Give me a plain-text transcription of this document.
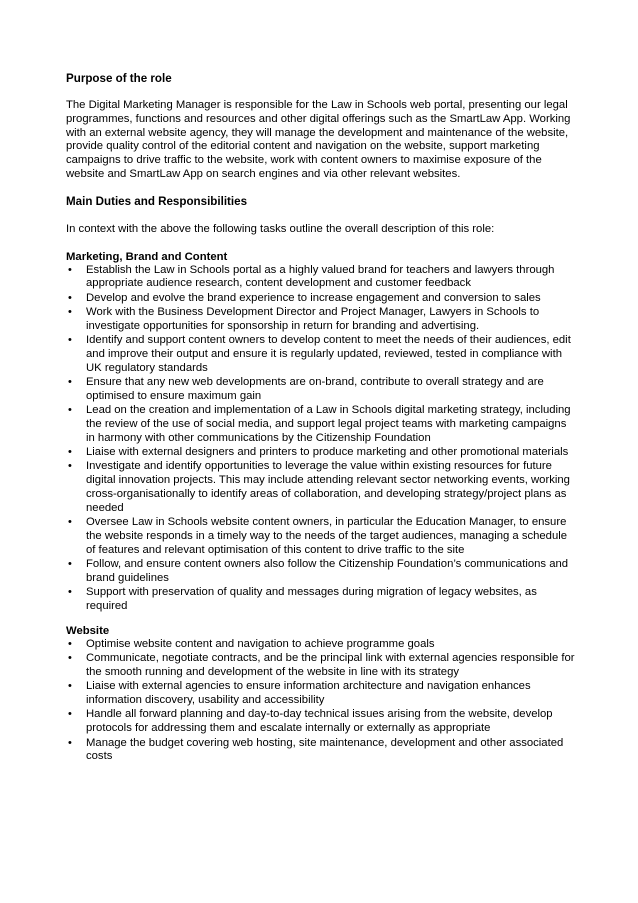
Purpose of the role

The Digital Marketing Manager is responsible for the Law in Schools web portal, presenting our legal programmes, functions and resources and other digital offerings such as the SmartLaw App. Working with an external website agency, they will manage the development and maintenance of the website, provide quality control of the editorial content and navigation on the website, support marketing campaigns to drive traffic to the website, work with content owners to maximise exposure of the website and SmartLaw App on search engines and via other relevant websites.

Main Duties and Responsibilities

In context with the above the following tasks outline the overall description of this role:

Marketing, Brand and Content
• Establish the Law in Schools portal as a highly valued brand for teachers and lawyers through appropriate audience research, content development and customer feedback
• Develop and evolve the brand experience to increase engagement and conversion to sales
• Work with the Business Development Director and Project Manager, Lawyers in Schools to investigate opportunities for sponsorship in return for branding and advertising.
• Identify and support content owners to develop content to meet the needs of their audiences, edit and improve their output and ensure it is regularly updated, reviewed, tested in compliance with UK regulatory standards
• Ensure that any new web developments are on-brand, contribute to overall strategy and are optimised to ensure maximum gain
• Lead on the creation and implementation of a Law in Schools digital marketing strategy, including the review of the use of social media, and support legal project teams with marketing campaigns in harmony with other communications by the Citizenship Foundation
• Liaise with external designers and printers to produce marketing and other promotional materials
• Investigate and identify opportunities to leverage the value within existing resources for future digital innovation projects. This may include attending relevant sector networking events, working cross-organisationally to identify areas of collaboration, and developing strategy/project plans as needed
• Oversee Law in Schools website content owners, in particular the Education Manager, to ensure the website responds in a timely way to the needs of the target audiences, managing a schedule of features and relevant optimisation of this content to drive traffic to the site
• Follow, and ensure content owners also follow the Citizenship Foundation’s communications and brand guidelines
• Support with preservation of quality and messages during migration of legacy websites, as required
Website
• Optimise website content and navigation to achieve programme goals
• Communicate, negotiate contracts, and be the principal link with external agencies responsible for the smooth running and development of the website in line with its strategy
• Liaise with external agencies to ensure information architecture and navigation enhances information discovery, usability and accessibility
• Handle all forward planning and day-to-day technical issues arising from the website, develop protocols for addressing them and escalate internally or externally as appropriate
• Manage the budget covering web hosting, site maintenance, development and other associated costs
